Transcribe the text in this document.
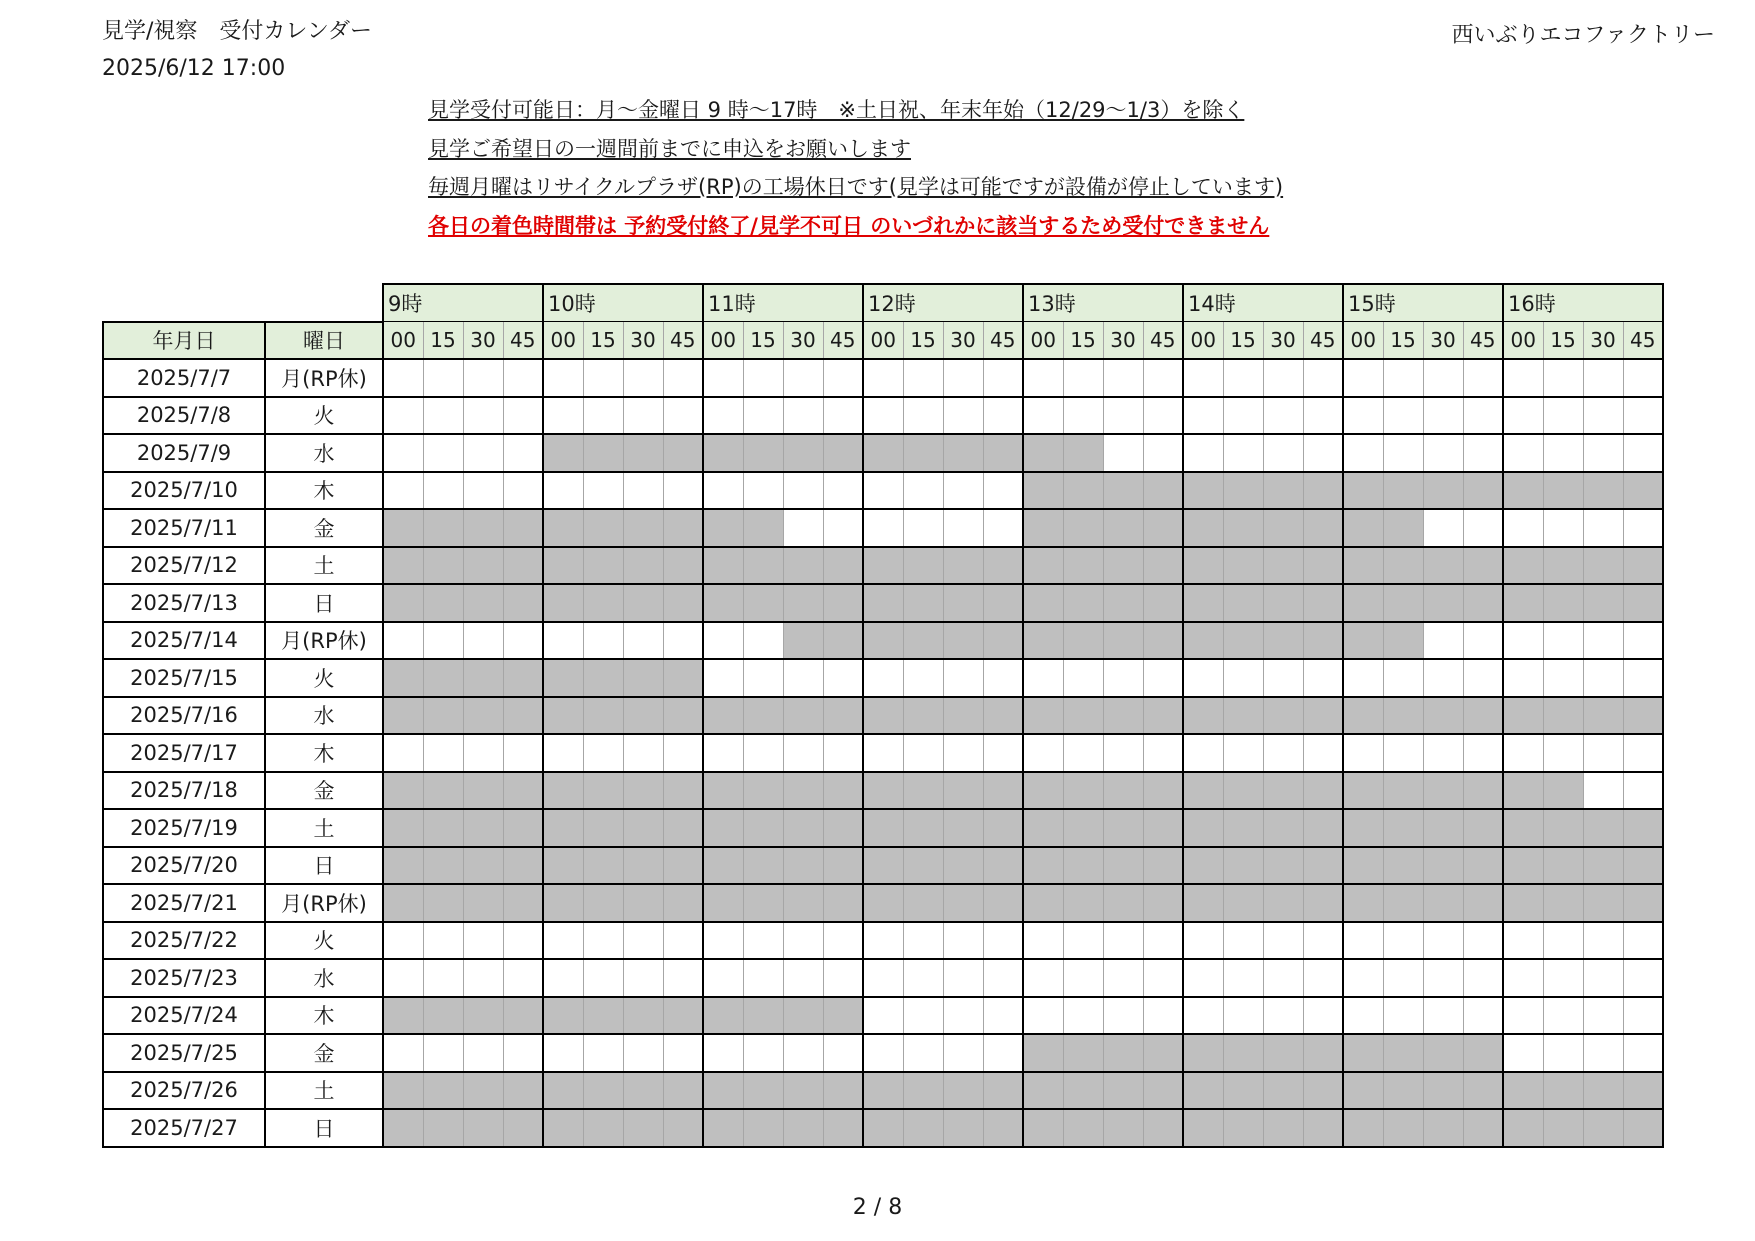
見学/視察　受付カレンダー
2025/6/12 17:00
西いぶりエコファクトリー
見学受付可能日：月～金曜日 9 時～17時　※土日祝、年末年始（12/29～1/3）を除く
見学ご希望日の一週間前までに申込をお願いします
毎週月曜はリサイクルプラザ(RP)の工場休日です(見学は可能ですが設備が停止しています)
各日の着色時間帯は 予約受付終了/見学不可日 のいづれかに該当するため受付できません
		9時				10時				11時				12時				13時				14時				15時				16時			
年月日	曜日	00	15	30	45	00	15	30	45	00	15	30	45	00	15	30	45	00	15	30	45	00	15	30	45	00	15	30	45	00	15	30	45
2025/7/7	月(RP休)																																
2025/7/8	火																																
2025/7/9	水																																
2025/7/10	木																																
2025/7/11	金																																
2025/7/12	土																																
2025/7/13	日																																
2025/7/14	月(RP休)																																
2025/7/15	火																																
2025/7/16	水																																
2025/7/17	木																																
2025/7/18	金																																
2025/7/19	土																																
2025/7/20	日																																
2025/7/21	月(RP休)																																
2025/7/22	火																																
2025/7/23	水																																
2025/7/24	木																																
2025/7/25	金																																
2025/7/26	土																																
2025/7/27	日																																
2 / 8
